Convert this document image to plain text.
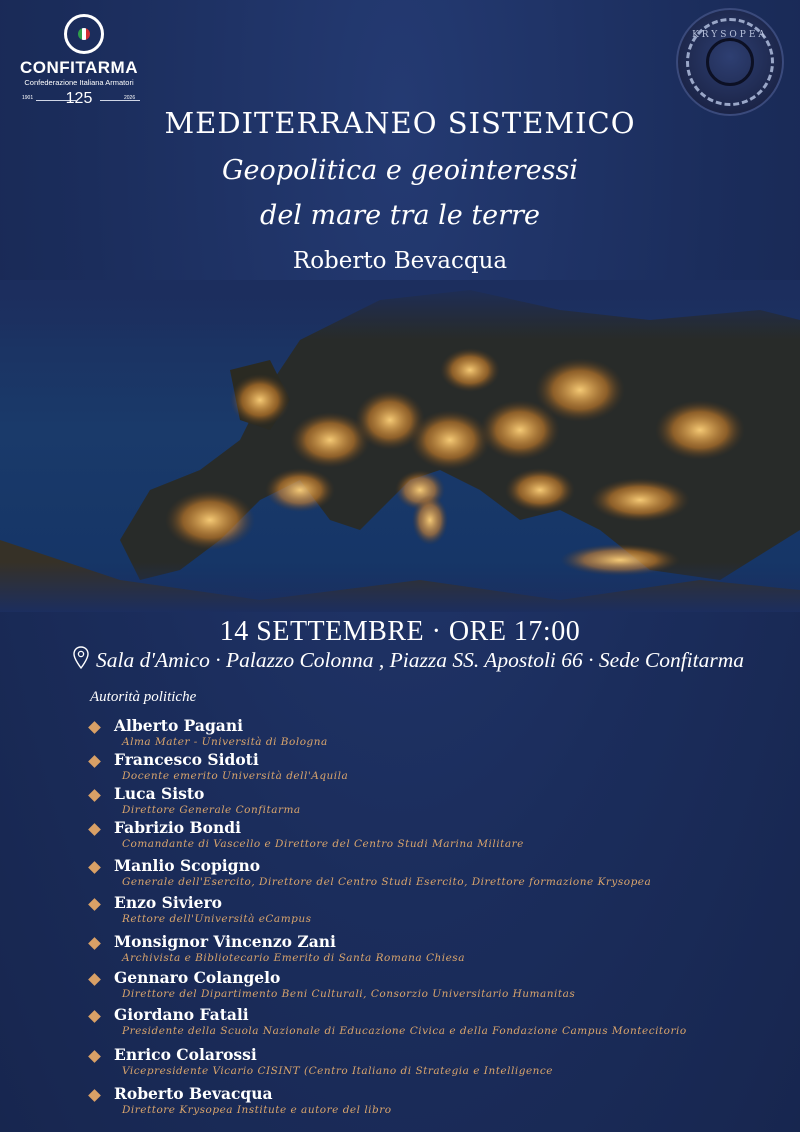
CONFITARMA
Confederazione Italiana Armatori
1901 125	2026
KRYSOPEA
MEDITERRANEO SISTEMICO
Geopolitica e geointeressi
del mare tra le terre
Roberto Bevacqua
14 SETTEMBRE · ORE 17:00
Sala d'Amico · Palazzo Colonna , Piazza SS. Apostoli 66 · Sede Confitarma
Autorità politiche
Alberto Pagani
Alma Mater - Università di Bologna
Francesco Sidoti
Docente emerito Università dell'Aquila
Luca Sisto
Direttore Generale Confitarma
Fabrizio Bondi
Comandante di Vascello e Direttore del Centro Studi Marina Militare
Manlio Scopigno
Generale dell'Esercito, Direttore del Centro Studi Esercito, Direttore formazione Krysopea
Enzo Siviero
Rettore dell'Università eCampus
Monsignor Vincenzo Zani
Archivista e Bibliotecario Emerito di Santa Romana Chiesa
Gennaro Colangelo
Direttore del Dipartimento Beni Culturali, Consorzio Universitario Humanitas
Giordano Fatali
Presidente della Scuola Nazionale di Educazione Civica e della Fondazione Campus Montecitorio
Enrico Colarossi
Vicepresidente Vicario CISINT (Centro Italiano di Strategia e Intelligence
Roberto Bevacqua
Direttore Krysopea Institute e autore del libro
